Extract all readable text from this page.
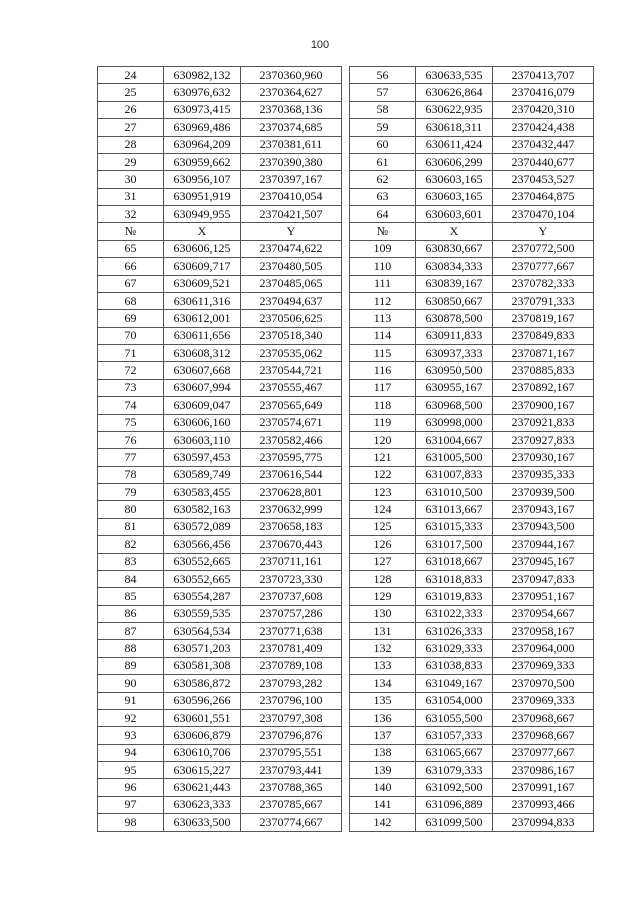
100
24	630982,132	2370360,960		56	630633,535	2370413,707
25	630976,632	2370364,627		57	630626,864	2370416,079
26	630973,415	2370368,136		58	630622,935	2370420,310
27	630969,486	2370374,685		59	630618,311	2370424,438
28	630964,209	2370381,611		60	630611,424	2370432,447
29	630959,662	2370390,380		61	630606,299	2370440,677
30	630956,107	2370397,167		62	630603,165	2370453,527
31	630951,919	2370410,054		63	630603,165	2370464,875
32	630949,955	2370421,507		64	630603,601	2370470,104
№	X	Y		№	X	Y
65	630606,125	2370474,622		109	630830,667	2370772,500
66	630609,717	2370480,505		110	630834,333	2370777,667
67	630609,521	2370485,065		111	630839,167	2370782,333
68	630611,316	2370494,637		112	630850,667	2370791,333
69	630612,001	2370506,625		113	630878,500	2370819,167
70	630611,656	2370518,340		114	630911,833	2370849,833
71	630608,312	2370535,062		115	630937,333	2370871,167
72	630607,668	2370544,721		116	630950,500	2370885,833
73	630607,994	2370555,467		117	630955,167	2370892,167
74	630609,047	2370565,649		118	630968,500	2370900,167
75	630606,160	2370574,671		119	630998,000	2370921,833
76	630603,110	2370582,466		120	631004,667	2370927,833
77	630597,453	2370595,775		121	631005,500	2370930,167
78	630589,749	2370616,544		122	631007,833	2370935,333
79	630583,455	2370628,801		123	631010,500	2370939,500
80	630582,163	2370632,999		124	631013,667	2370943,167
81	630572,089	2370658,183		125	631015,333	2370943,500
82	630566,456	2370670,443		126	631017,500	2370944,167
83	630552,665	2370711,161		127	631018,667	2370945,167
84	630552,665	2370723,330		128	631018,833	2370947,833
85	630554,287	2370737,608		129	631019,833	2370951,167
86	630559,535	2370757,286		130	631022,333	2370954,667
87	630564,534	2370771,638		131	631026,333	2370958,167
88	630571,203	2370781,409		132	631029,333	2370964,000
89	630581,308	2370789,108		133	631038,833	2370969,333
90	630586,872	2370793,282		134	631049,167	2370970,500
91	630596,266	2370796,100		135	631054,000	2370969,333
92	630601,551	2370797,308		136	631055,500	2370968,667
93	630606,879	2370796,876		137	631057,333	2370968,667
94	630610,706	2370795,551		138	631065,667	2370977,667
95	630615,227	2370793,441		139	631079,333	2370986,167
96	630621,443	2370788,365		140	631092,500	2370991,167
97	630623,333	2370785,667		141	631096,889	2370993,466
98	630633,500	2370774,667		142	631099,500	2370994,833
